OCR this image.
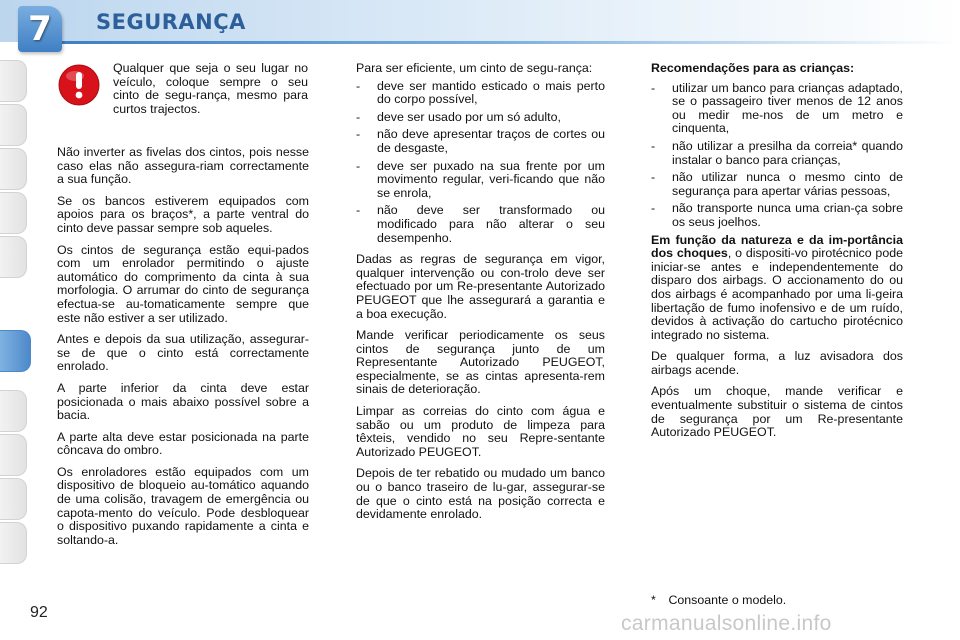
7	SEGURANÇA
Qualquer que seja o seu lugar no veículo, coloque sempre o seu cinto de segu-rança, mesmo para curtos trajectos.

Não inverter as fivelas dos cintos, pois nesse caso elas não assegura-riam correctamente a sua função.

Se os bancos estiverem equipados com apoios para os braços*, a parte ventral do cinto deve passar sempre sob aqueles.

Os cintos de segurança estão equi-pados com um enrolador permitindo o ajuste automático do comprimento da cinta à sua morfologia. O arrumar do cinto de segurança efectua-se au-tomaticamente sempre que este não estiver a ser utilizado.

Antes e depois da sua utilização, assegurar-se de que o cinto está correctamente enrolado.

A parte inferior da cinta deve estar posicionada o mais abaixo possível sobre a bacia.

A parte alta deve estar posicionada na parte côncava do ombro.

Os enroladores estão equipados com um dispositivo de bloqueio au-tomático aquando de uma colisão, travagem de emergência ou capota-mento do veículo. Pode desbloquear o dispositivo puxando rapidamente a cinta e soltando-a.

Para ser eficiente, um cinto de segu-rança:

- deve ser mantido esticado o mais perto do corpo possível,
- deve ser usado por um só adulto,
- não deve apresentar traços de cortes ou de desgaste,
- deve ser puxado na sua frente por um movimento regular, veri-ficando que não se enrola,
- não deve ser transformado ou modificado para não alterar o seu desempenho.

Dadas as regras de segurança em vigor, qualquer intervenção ou con-trolo deve ser efectuado por um Re-presentante Autorizado PEUGEOT que lhe assegurará a garantia e a boa execução.

Mande verificar periodicamente os seus cintos de segurança junto de um Representante Autorizado PEUGEOT, especialmente, se as cintas apresenta-rem sinais de deterioração.

Limpar as correias do cinto com água e sabão ou um produto de limpeza para têxteis, vendido no seu Repre-sentante Autorizado PEUGEOT.

Depois de ter rebatido ou mudado um banco ou o banco traseiro de lu-gar, assegurar-se de que o cinto está na posição correcta e devidamente enrolado.

Recomendações para as crianças:
- utilizar um banco para crianças adaptado, se o passageiro tiver menos de 12 anos ou medir me-nos de um metro e cinquenta,
- não utilizar a presilha da correia* quando instalar o banco para crianças,
- não utilizar nunca o mesmo cinto de segurança para apertar várias pessoas,
- não transporte nunca uma crian-ça sobre os seus joelhos.

Em função da natureza e da im-portância dos choques, o dispositi-vo pirotécnico pode iniciar-se antes e independentemente do disparo dos airbags. O accionamento do ou dos airbags é acompanhado por uma li-geira libertação de fumo inofensivo e de um ruído, devidos à activação do cartucho pirotécnico integrado no sistema.

De qualquer forma, a luz avisadora dos airbags acende.

Após um choque, mande verificar e eventualmente substituir o sistema de cintos de segurança por um Re-presentante Autorizado PEUGEOT.

* Consoante o modelo.
92	carmanualsonline.info
